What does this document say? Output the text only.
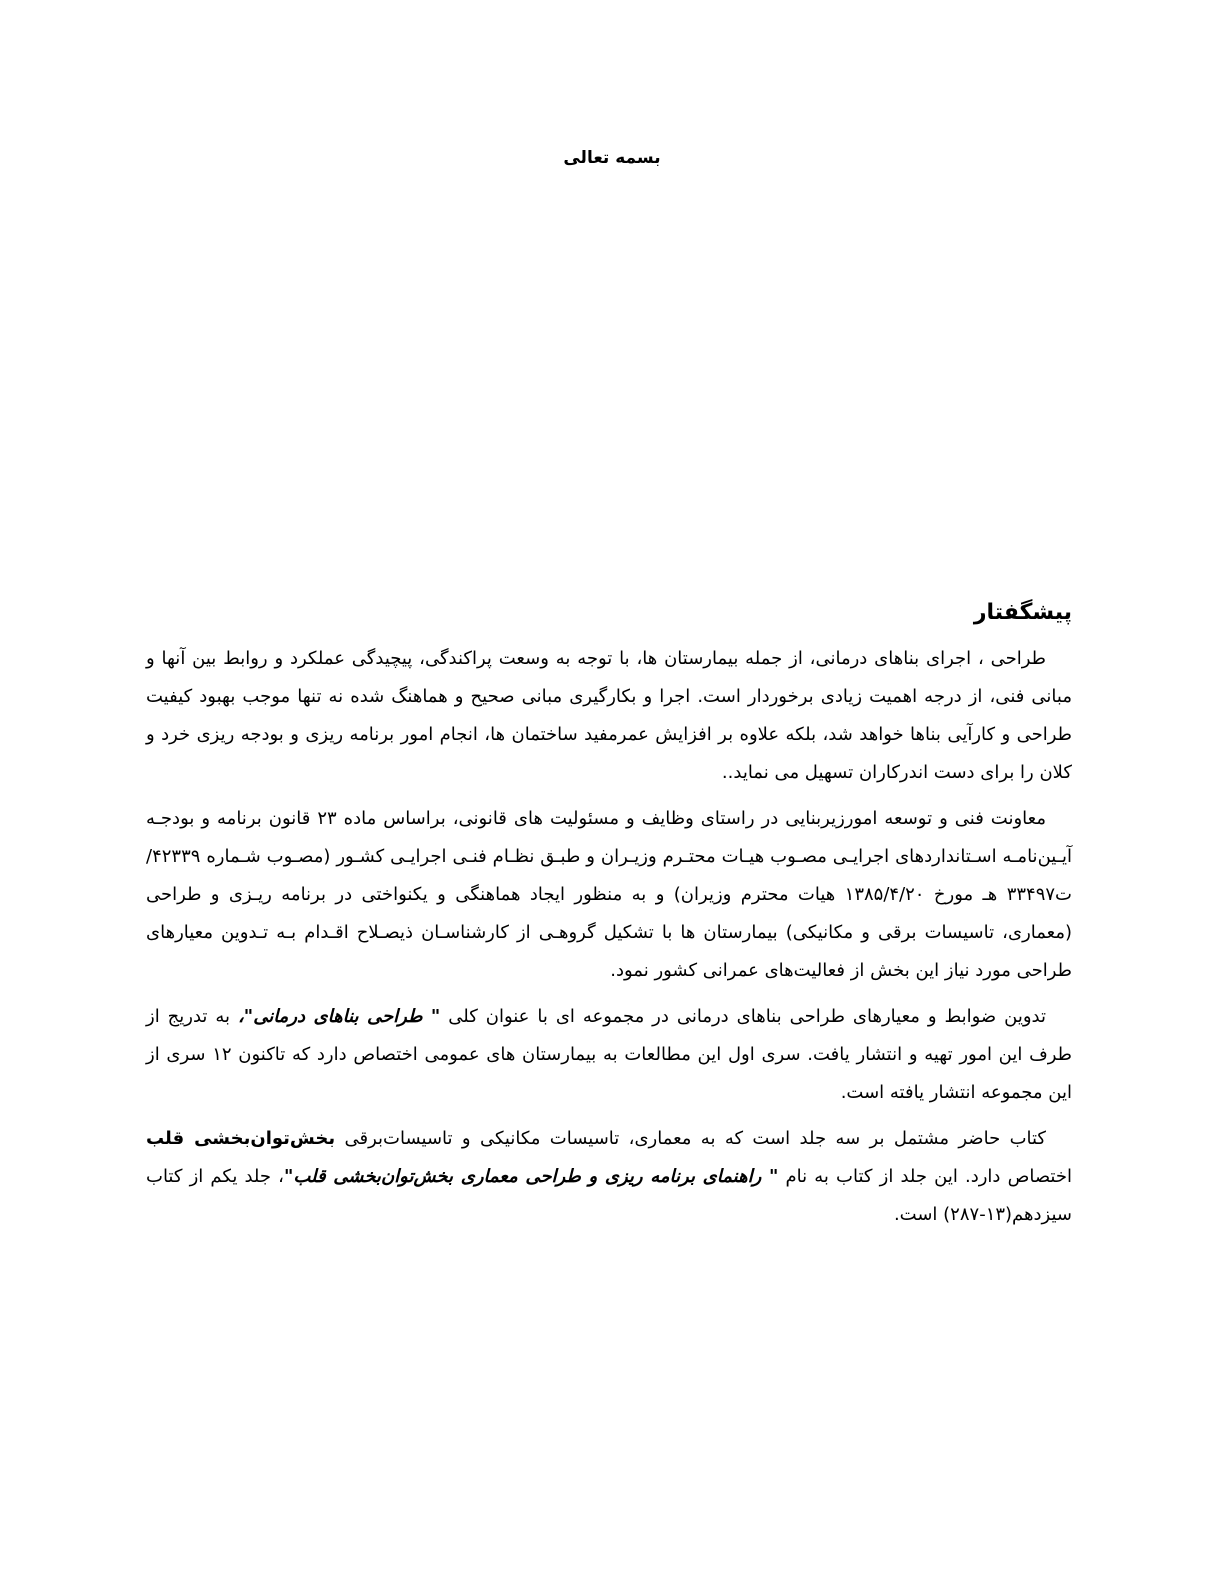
بسمه تعالی
پیشگفتار

طراحی ، اجرای بناهای درمانی، از جمله بیمارستان ها، با توجه به وسعت پراکندگی، پیچیدگی عملکرد و روابط بین آنها و مبانی فنی، از درجه اهمیت زیادی برخوردار است. اجرا و بکارگیری مبانی صحیح و هماهنگ شده نه تنها موجب بهبود کیفیت طراحی و کارآیی بناها خواهد شد، بلکه علاوه بر افزایش عمرمفید ساختمان ها، انجام امور برنامه ریزی و بودجه ریزی خرد و کلان را برای دست اندرکاران تسهیل می نماید..

معاونت فنی و توسعه امورزیربنایی در راستای وظایف و مسئولیت های قانونی، براساس ماده ۲۳ قانون برنامه و بودجـه آیـین‌نامـه اسـتانداردهای اجرایـی مصـوب هیـات محتـرم وزیـران و طبـق نظـام فنـی اجرایـی کشـور (مصـوب شـماره ۴۲۳۳۹/ت۳۳۴۹۷ هـ مورخ ۱۳۸۵/۴/۲۰ هیات محترم وزیران) و به منظور ایجاد هماهنگی و یکنواختی در برنامه ریـزی و طراحی (معماری، تاسیسات برقی و مکانیکی) بیمارستان ها با تشکیل گروهـی از کارشناسـان ذیصـلاح اقـدام بـه تـدوین معیارهای طراحی مورد نیاز این بخش از فعالیت‌های عمرانی کشور نمود.

تدوین ضوابط و معیارهای طراحی بناهای درمانی در مجموعه ای با عنوان کلی " طراحی بناهای درمانی"، به تدریج از طرف این امور تهیه و انتشار یافت. سری اول این مطالعات به بیمارستان های عمومی اختصاص دارد که تاکنون ۱۲ سری از این مجموعه انتشار یافته است.

کتاب حاضر مشتمل بر سه جلد است که به معماری، تاسیسات مکانیکی و تاسیسات‌برقی بخش‌توان‌بخشی قلب اختصاص دارد. این جلد از کتاب به نام " راهنمای برنامه ریزی و طراحی معماری بخش‌توان‌بخشی قلب"، جلد یکم از کتاب سیزدهم(۱۳-۲۸۷) است.
